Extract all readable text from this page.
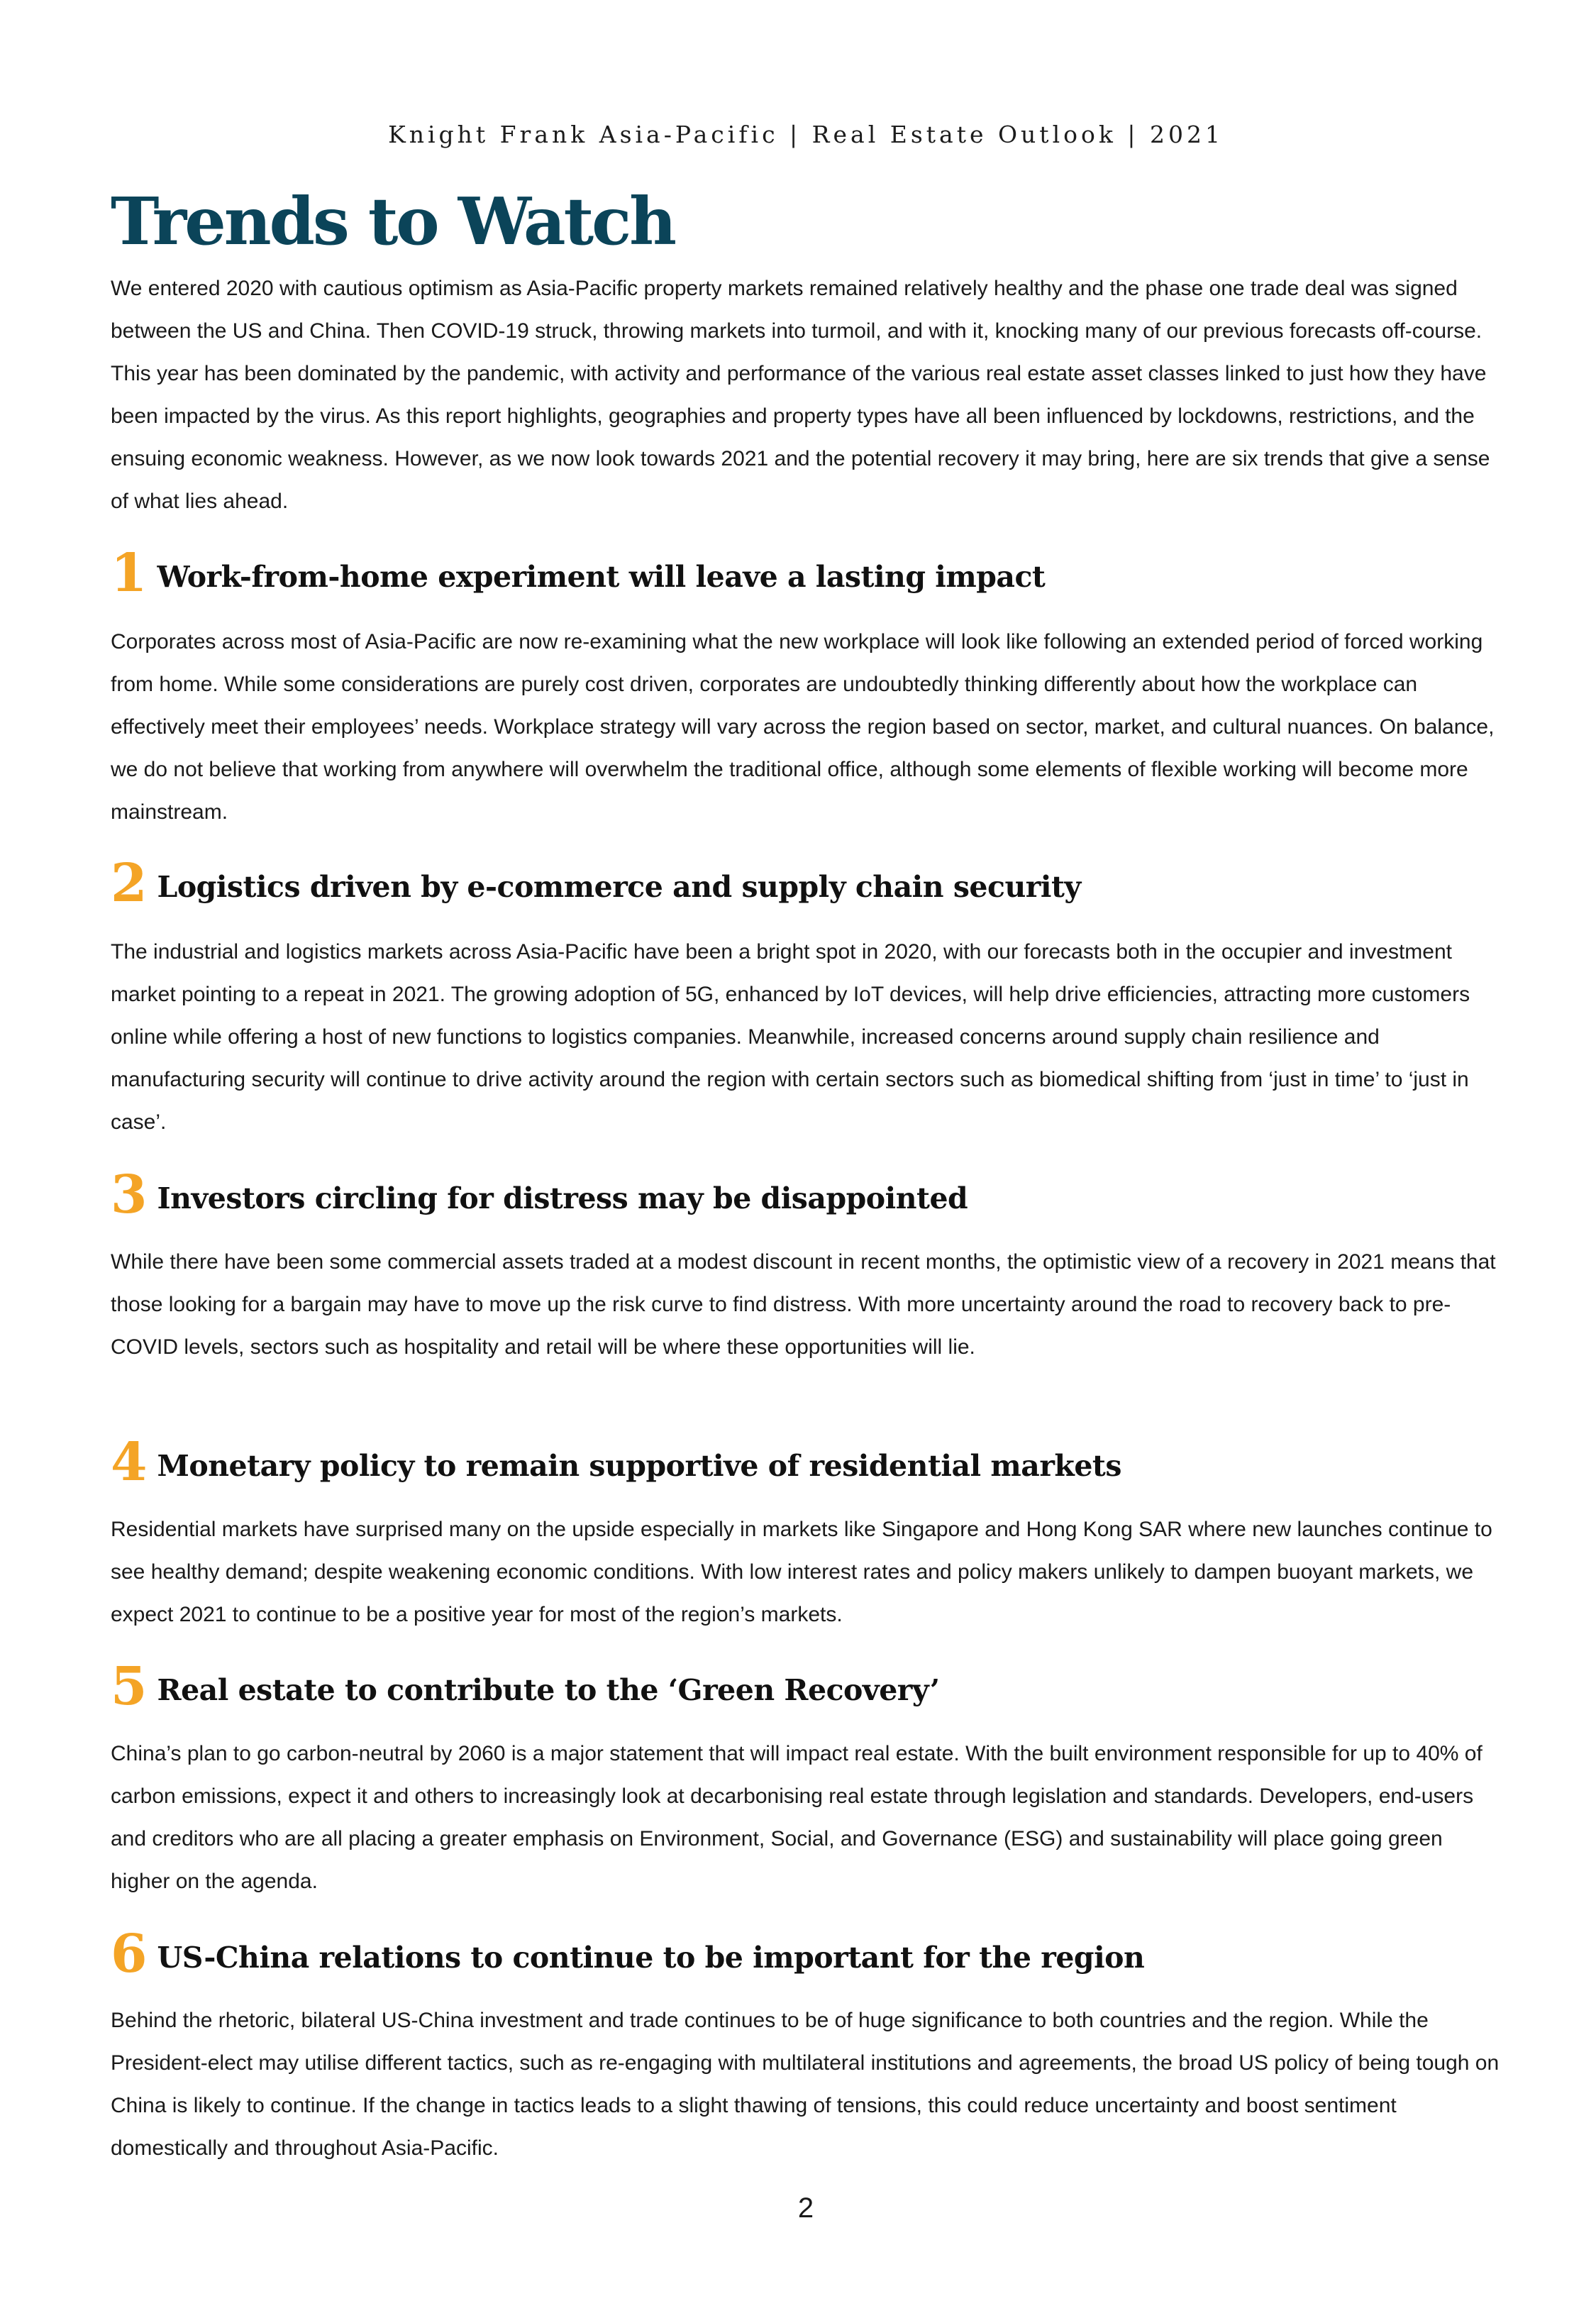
Knight Frank Asia-Pacific | Real Estate Outlook | 2021
Trends to Watch

We entered 2020 with cautious optimism as Asia-Pacific property markets remained relatively healthy and the phase one trade deal was signed between the US and China. Then COVID-19 struck, throwing markets into turmoil, and with it, knocking many of our previous forecasts off-course. This year has been dominated by the pandemic, with activity and performance of the various real estate asset classes linked to just how they have been impacted by the virus. As this report highlights, geographies and property types have all been influenced by lockdowns, restrictions, and the ensuing economic weakness. However, as we now look towards 2021 and the potential recovery it may bring, here are six trends that give a sense of what lies ahead.

1 Work-from-home experiment will leave a lasting impact

Corporates across most of Asia-Pacific are now re-examining what the new workplace will look like following an extended period of forced working from home. While some considerations are purely cost driven, corporates are undoubtedly thinking differently about how the workplace can effectively meet their employees’ needs. Workplace strategy will vary across the region based on sector, market, and cultural nuances. On balance, we do not believe that working from anywhere will overwhelm the traditional office, although some elements of flexible working will become more mainstream.

2 Logistics driven by e-commerce and supply chain security

The industrial and logistics markets across Asia-Pacific have been a bright spot in 2020, with our forecasts both in the occupier and investment market pointing to a repeat in 2021. The growing adoption of 5G, enhanced by IoT devices, will help drive efficiencies, attracting more customers online while offering a host of new functions to logistics companies. Meanwhile, increased concerns around supply chain resilience and manufacturing security will continue to drive activity around the region with certain sectors such as biomedical shifting from ‘just in time’ to ‘just in case’.

3 Investors circling for distress may be disappointed

While there have been some commercial assets traded at a modest discount in recent months, the optimistic view of a recovery in 2021 means that those looking for a bargain may have to move up the risk curve to find distress. With more uncertainty around the road to recovery back to pre-COVID levels, sectors such as hospitality and retail will be where these opportunities will lie.

4 Monetary policy to remain supportive of residential markets

Residential markets have surprised many on the upside especially in markets like Singapore and Hong Kong SAR where new launches continue to see healthy demand; despite weakening economic conditions. With low interest rates and policy makers unlikely to dampen buoyant markets, we expect 2021 to continue to be a positive year for most of the region’s markets.

5 Real estate to contribute to the ‘Green Recovery’

China’s plan to go carbon-neutral by 2060 is a major statement that will impact real estate. With the built environment responsible for up to 40% of carbon emissions, expect it and others to increasingly look at decarbonising real estate through legislation and standards. Developers, end-users and creditors who are all placing a greater emphasis on Environment, Social, and Governance (ESG) and sustainability will place going green higher on the agenda.

6 US-China relations to continue to be important for the region

Behind the rhetoric, bilateral US-China investment and trade continues to be of huge significance to both countries and the region. While the President-elect may utilise different tactics, such as re-engaging with multilateral institutions and agreements, the broad US policy of being tough on China is likely to continue. If the change in tactics leads to a slight thawing of tensions, this could reduce uncertainty and boost sentiment domestically and throughout Asia-Pacific.

2
